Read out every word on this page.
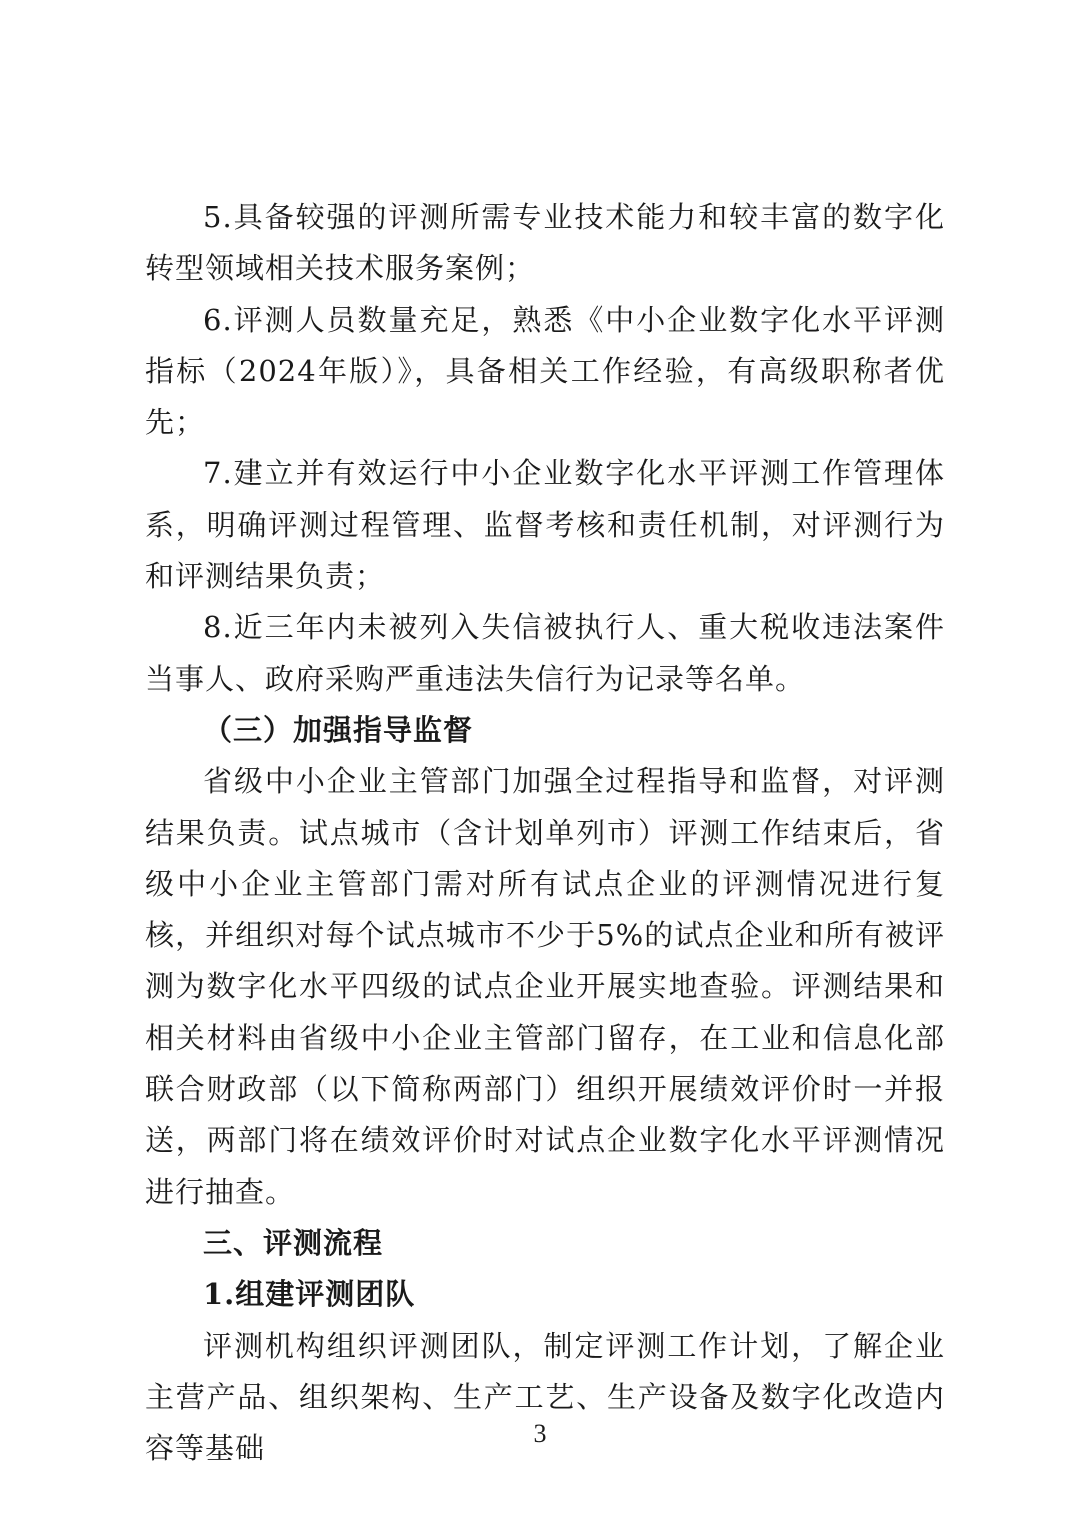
5.具备较强的评测所需专业技术能力和较丰富的数字化转型领域相关技术服务案例；

6.评测人员数量充足，熟悉《中小企业数字化水平评测指标（2024年版）》，具备相关工作经验，有高级职称者优先；

7.建立并有效运行中小企业数字化水平评测工作管理体系，明确评测过程管理、监督考核和责任机制，对评测行为和评测结果负责；

8.近三年内未被列入失信被执行人、重大税收违法案件当事人、政府采购严重违法失信行为记录等名单。

（三）加强指导监督

省级中小企业主管部门加强全过程指导和监督，对评测结果负责。试点城市（含计划单列市）评测工作结束后，省级中小企业主管部门需对所有试点企业的评测情况进行复核，并组织对每个试点城市不少于5%的试点企业和所有被评测为数字化水平四级的试点企业开展实地查验。评测结果和相关材料由省级中小企业主管部门留存，在工业和信息化部联合财政部（以下简称两部门）组织开展绩效评价时一并报送，两部门将在绩效评价时对试点企业数字化水平评测情况进行抽查。

三、评测流程

1.组建评测团队

评测机构组织评测团队，制定评测工作计划，了解企业主营产品、组织架构、生产工艺、生产设备及数字化改造内容等基础	3
